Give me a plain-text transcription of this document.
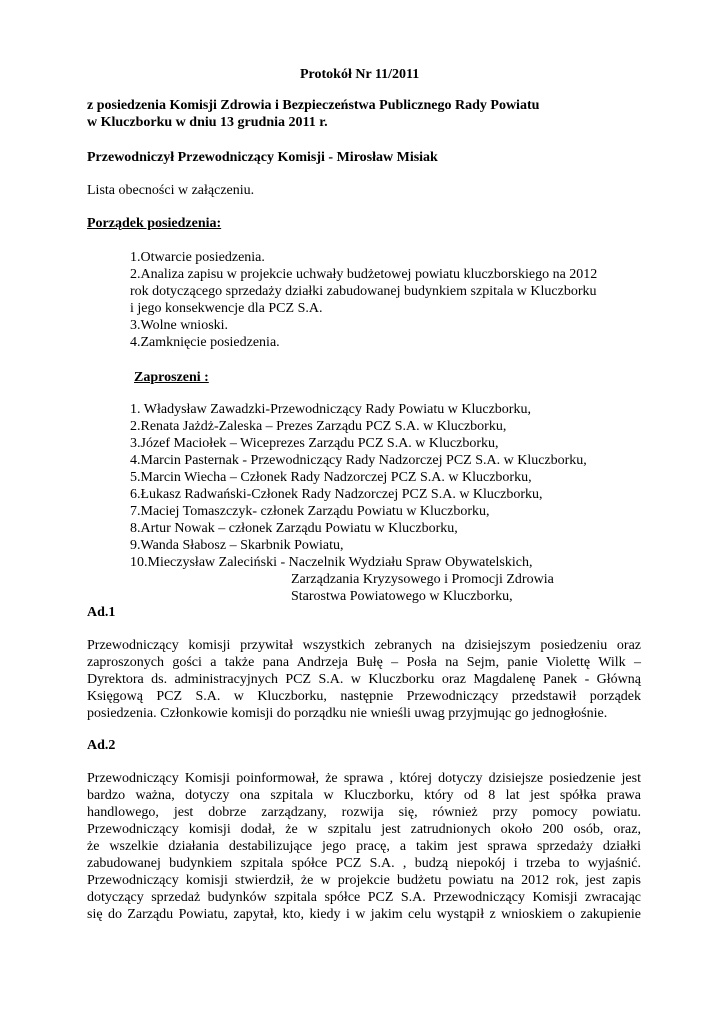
Protokół Nr 11/2011
z posiedzenia Komisji Zdrowia i Bezpieczeństwa Publicznego Rady Powiatu
w Kluczborku w dniu 13 grudnia 2011 r.
Przewodniczył Przewodniczący Komisji - Mirosław Misiak
Lista obecności w załączeniu.
Porządek posiedzenia:
1.Otwarcie posiedzenia.
2.Analiza zapisu w projekcie uchwały budżetowej powiatu kluczborskiego na 2012
rok dotyczącego sprzedaży działki zabudowanej budynkiem szpitala w Kluczborku
i jego konsekwencje dla PCZ S.A.
3.Wolne wnioski.
4.Zamknięcie posiedzenia.
Zaproszeni :
1. Władysław Zawadzki-Przewodniczący Rady Powiatu w Kluczborku,
2.Renata Jażdż-Zaleska – Prezes Zarządu PCZ S.A. w Kluczborku,
3.Józef Maciołek – Wiceprezes Zarządu PCZ S.A. w Kluczborku,
4.Marcin Pasternak - Przewodniczący Rady Nadzorczej PCZ S.A. w Kluczborku,
5.Marcin Wiecha – Członek Rady Nadzorczej PCZ S.A. w Kluczborku,
6.Łukasz Radwański-Członek Rady Nadzorczej PCZ S.A. w Kluczborku,
7.Maciej Tomaszczyk- członek Zarządu Powiatu w Kluczborku,
8.Artur Nowak – członek Zarządu Powiatu w Kluczborku,
9.Wanda Słabosz – Skarbnik Powiatu,
10.Mieczysław Zaleciński - Naczelnik Wydziału Spraw Obywatelskich,
Zarządzania Kryzysowego i Promocji Zdrowia
Starostwa Powiatowego w Kluczborku,
Ad.1
Przewodniczący komisji przywitał wszystkich zebranych na dzisiejszym posiedzeniu oraz
zaproszonych gości a także pana Andrzeja Bułę – Posła na Sejm, panie Violettę Wilk –
Dyrektora ds. administracyjnych PCZ S.A. w Kluczborku oraz Magdalenę Panek - Główną
Księgową PCZ S.A. w Kluczborku, następnie Przewodniczący przedstawił porządek
posiedzenia. Członkowie komisji do porządku nie wnieśli uwag przyjmując go jednogłośnie.
Ad.2
Przewodniczący Komisji poinformował, że sprawa , której dotyczy dzisiejsze posiedzenie jest
bardzo ważna, dotyczy ona szpitala w Kluczborku, który od 8 lat jest spółka prawa
handlowego, jest dobrze zarządzany, rozwija się, również przy pomocy powiatu.
Przewodniczący komisji dodał, że w szpitalu jest zatrudnionych około 200 osób, oraz,
że wszelkie działania destabilizujące jego pracę, a takim jest sprawa sprzedaży działki
zabudowanej budynkiem szpitala spółce PCZ S.A. , budzą niepokój i trzeba to wyjaśnić.
Przewodniczący komisji stwierdził, że w projekcie budżetu powiatu na 2012 rok, jest zapis
dotyczący sprzedaż budynków szpitala spółce PCZ S.A. Przewodniczący Komisji zwracając
się do Zarządu Powiatu, zapytał, kto, kiedy i w jakim celu wystąpił z wnioskiem o zakupienie
